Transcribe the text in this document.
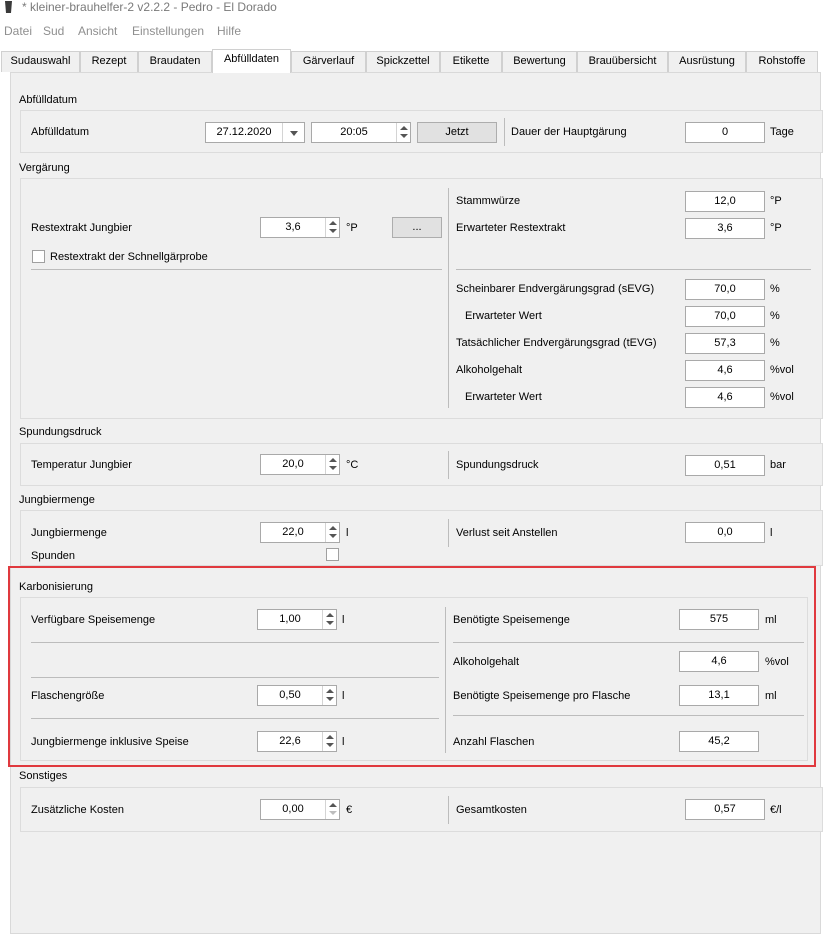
* kleiner-brauhelfer-2 v2.2.2 - Pedro - El Dorado
Datei Sud Ansicht Einstellungen Hilfe
Sudauswahl	Rezept	Braudaten	Abfülldaten	Gärverlauf	Spickzettel	Etikette	Bewertung	Brauübersicht	Ausrüstung	Rohstoffe
Abfülldatum
Abfülldatum	27.12.2020	20:05	Jetzt	Dauer der Hauptgärung	0	Tage
Vergärung
Restextrakt Jungbier	3,6	°P	...
Restextrakt der Schnellgärprobe
Stammwürze	12,0	°P
Erwarteter Restextrakt	3,6	°P
Scheinbarer Endvergärungsgrad (sEVG)	70,0	%
Erwarteter Wert	70,0	%
Tatsächlicher Endvergärungsgrad (tEVG)	57,3	%
Alkoholgehalt	4,6	%vol
Erwarteter Wert	4,6	%vol
Spundungsdruck
Temperatur Jungbier	20,0	°C	Spundungsdruck	0,51	bar
Jungbiermenge
Jungbiermenge	22,0	l
Spunden
Verlust seit Anstellen	0,0	l
Karbonisierung
Verfügbare Speisemenge	1,00	l
Flaschengröße	0,50	l
Jungbiermenge inklusive Speise	22,6	l
Benötigte Speisemenge	575	ml
Alkoholgehalt	4,6	%vol
Benötigte Speisemenge pro Flasche	13,1	ml
Anzahl Flaschen	45,2
Sonstiges
Zusätzliche Kosten	0,00	€	Gesamtkosten	0,57	€/l
